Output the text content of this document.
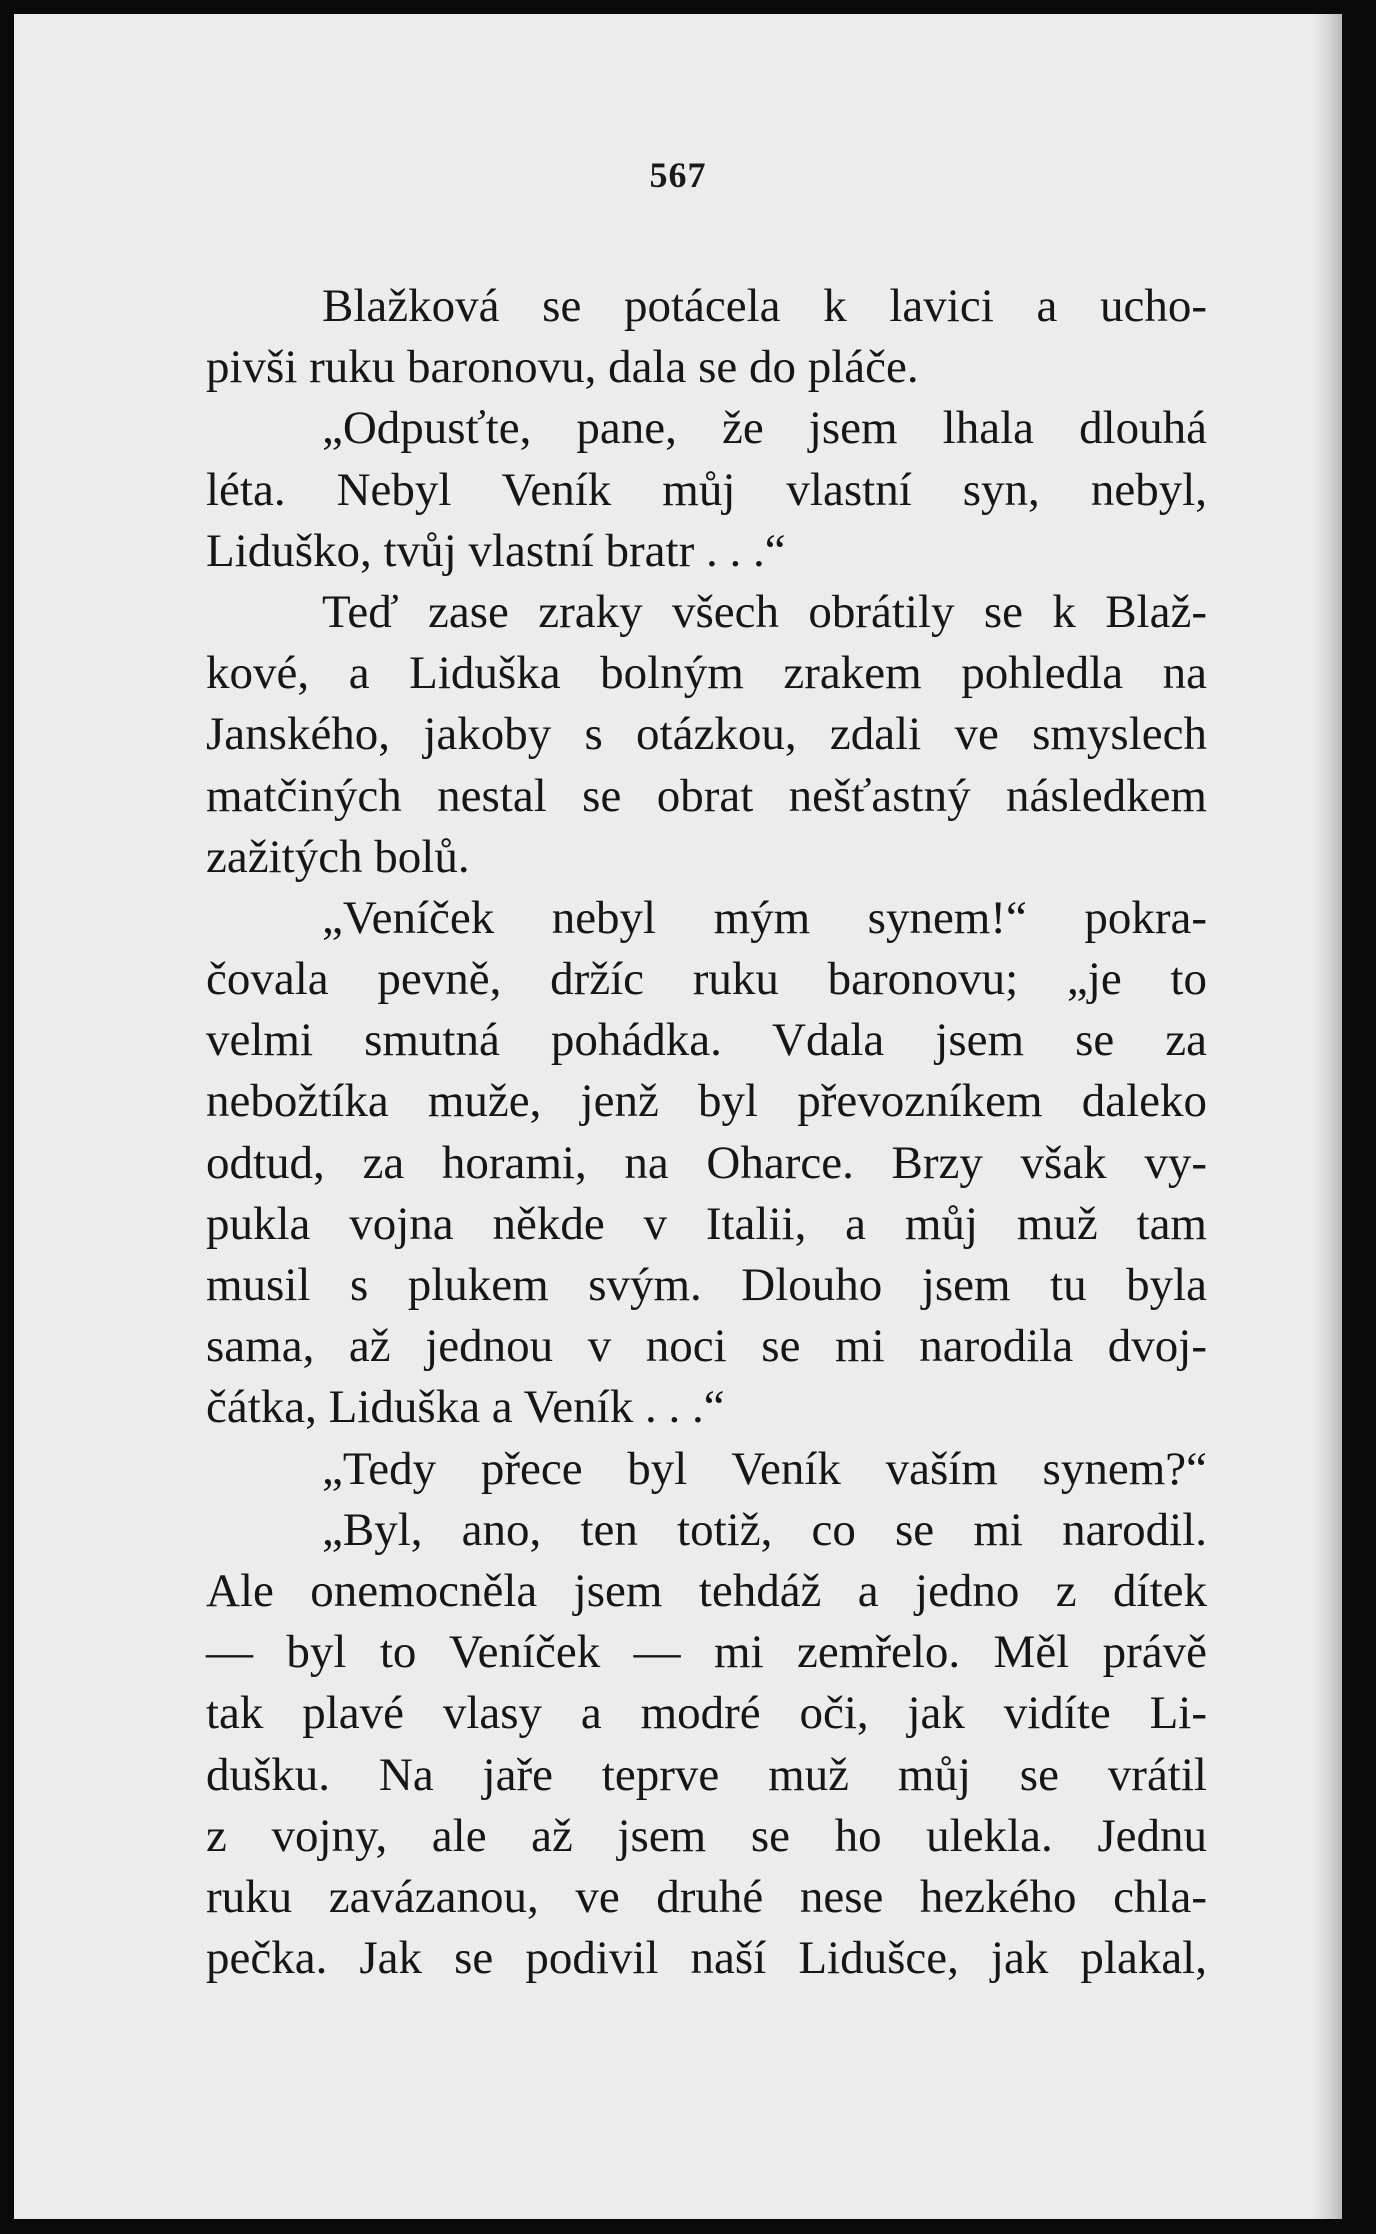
567
Blažková se potácela k lavici a ucho-
pivši ruku baronovu, dala se do pláče.
„Odpusťte, pane, že jsem lhala dlouhá
léta. Nebyl Veník můj vlastní syn, nebyl,
Liduško, tvůj vlastní bratr . . .“
Teď zase zraky všech obrátily se k Blaž-
kové, a Liduška bolným zrakem pohledla na
Janského, jakoby s otázkou, zdali ve smyslech
matčiných nestal se obrat nešťastný následkem
zažitých bolů.
„Veníček nebyl mým synem!“ pokra-
čovala pevně, držíc ruku baronovu; „je to
velmi smutná pohádka. Vdala jsem se za
nebožtíka muže, jenž byl převozníkem daleko
odtud, za horami, na Oharce. Brzy však vy-
pukla vojna někde v Italii, a můj muž tam
musil s plukem svým. Dlouho jsem tu byla
sama, až jednou v noci se mi narodila dvoj-
čátka, Liduška a Veník . . .“
„Tedy přece byl Veník vaším synem?“
„Byl, ano, ten totiž, co se mi narodil.
Ale onemocněla jsem tehdáž a jedno z dítek
— byl to Veníček — mi zemřelo. Měl právě
tak plavé vlasy a modré oči, jak vidíte Li-
dušku. Na jaře teprve muž můj se vrátil
z vojny, ale až jsem se ho ulekla. Jednu
ruku zavázanou, ve druhé nese hezkého chla-
pečka. Jak se podivil naší Lidušce, jak plakal,
